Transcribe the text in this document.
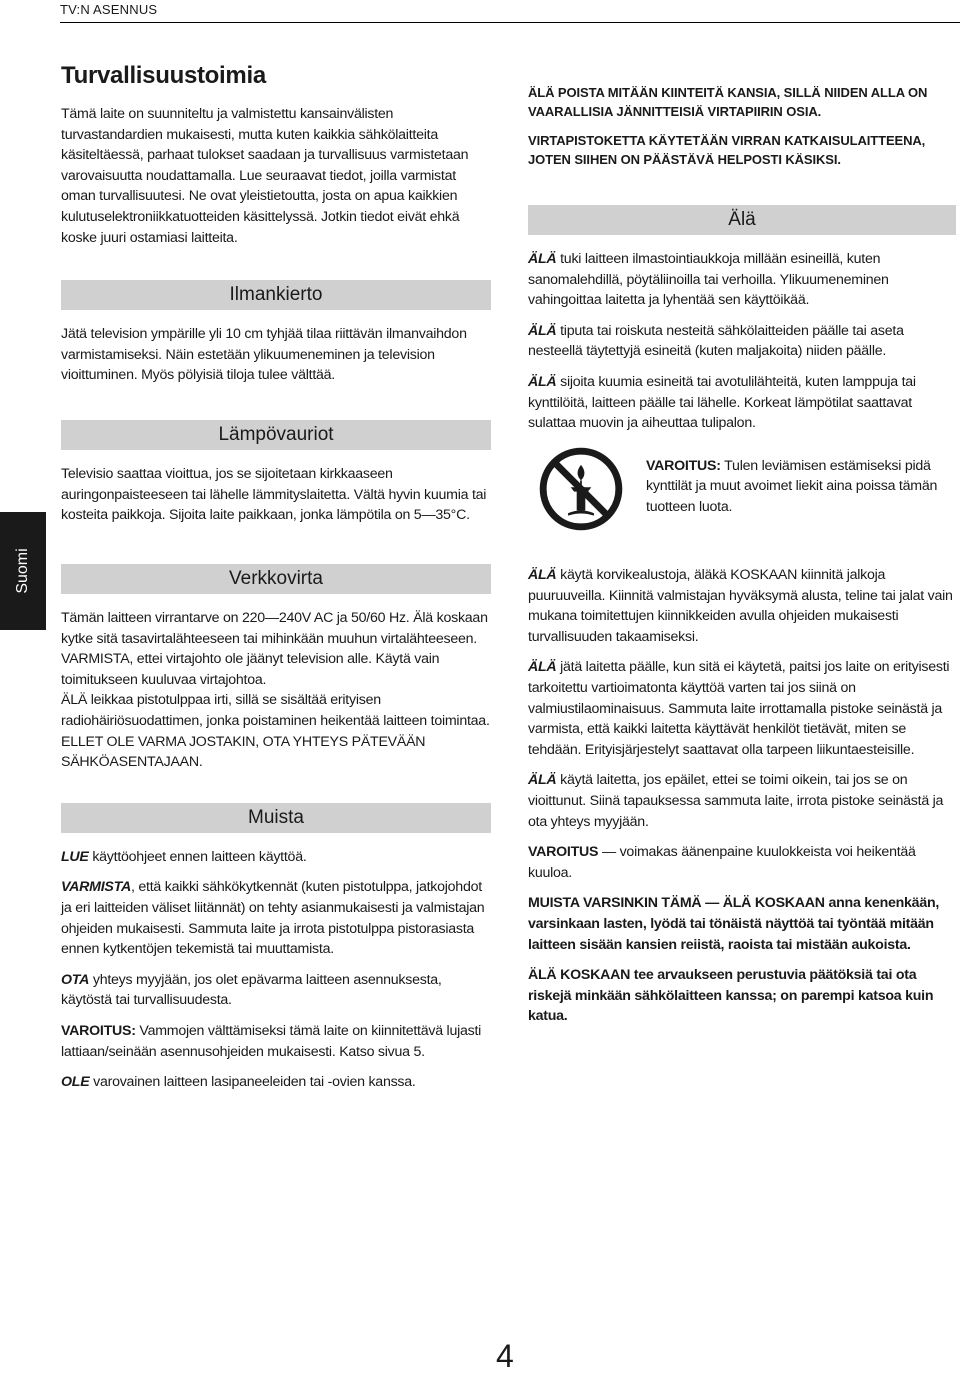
TV:N ASENNUS
Suomi
Turvallisuustoimia

Tämä laite on suunniteltu ja valmistettu kansainvälisten turvastandardien mukaisesti, mutta kuten kaikkia sähkölaitteita käsiteltäessä, parhaat tulokset saadaan ja turvallisuus varmistetaan varovaisuutta noudattamalla. Lue seuraavat tiedot, joilla varmistat oman turvallisuutesi. Ne ovat yleistietoutta, josta on apua kaikkien kulutuselektroniikkatuotteiden käsittelyssä. Jotkin tiedot eivät ehkä koske juuri ostamiasi laitteita.

Ilmankierto

Jätä television ympärille yli 10 cm tyhjää tilaa riittävän ilmanvaihdon varmistamiseksi. Näin estetään ylikuumeneminen ja television vioittuminen. Myös pölyisiä tiloja tulee välttää.

Lämpövauriot

Televisio saattaa vioittua, jos se sijoitetaan kirkkaaseen auringonpaisteeseen tai lähelle lämmityslaitetta. Vältä hyvin kuumia tai kosteita paikkoja. Sijoita laite paikkaan, jonka lämpötila on 5—35°C.

Verkkovirta

Tämän laitteen virrantarve on 220—240V AC ja 50/60 Hz. Älä koskaan kytke sitä tasavirtalähteeseen tai mihinkään muuhun virtalähteeseen. VARMISTA, ettei virtajohto ole jäänyt television alle. Käytä vain toimitukseen kuuluvaa virtajohtoa.

ÄLÄ leikkaa pistotulppaa irti, sillä se sisältää erityisen radiohäiriösuodattimen, jonka poistaminen heikentää laitteen toimintaa.

ELLET OLE VARMA JOSTAKIN, OTA YHTEYS PÄTEVÄÄN SÄHKÖASENTAJAAN.

Muista

LUE käyttöohjeet ennen laitteen käyttöä.

VARMISTA, että kaikki sähkökytkennät (kuten pistotulppa, jatkojohdot ja eri laitteiden väliset liitännät) on tehty asianmukaisesti ja valmistajan ohjeiden mukaisesti. Sammuta laite ja irrota pistotulppa pistorasiasta ennen kytkentöjen tekemistä tai muuttamista.

OTA yhteys myyjään, jos olet epävarma laitteen asennuksesta, käytöstä tai turvallisuudesta.

VAROITUS: Vammojen välttämiseksi tämä laite on kiinnitettävä lujasti lattiaan/seinään asennusohjeiden mukaisesti. Katso sivua 5.

OLE varovainen laitteen lasipaneeleiden tai -ovien kanssa.

ÄLÄ POISTA MITÄÄN KIINTEITÄ KANSIA, SILLÄ NIIDEN ALLA ON VAARALLISIA JÄNNITTEISIÄ VIRTAPIIRIN OSIA.

VIRTAPISTOKETTA KÄYTETÄÄN VIRRAN KATKAISULAITTEENA, JOTEN SIIHEN ON PÄÄSTÄVÄ HELPOSTI KÄSIKSI.

Älä

ÄLÄ tuki laitteen ilmastointiaukkoja millään esineillä, kuten sanomalehdillä, pöytäliinoilla tai verhoilla. Ylikuumeneminen vahingoittaa laitetta ja lyhentää sen käyttöikää.

ÄLÄ tiputa tai roiskuta nesteitä sähkölaitteiden päälle tai aseta nesteellä täytettyjä esineitä (kuten maljakoita) niiden päälle.

ÄLÄ sijoita kuumia esineitä tai avotulilähteitä, kuten lamppuja tai kynttilöitä, laitteen päälle tai lähelle. Korkeat lämpötilat saattavat sulattaa muovin ja aiheuttaa tulipalon.

VAROITUS: Tulen leviämisen estämiseksi pidä kynttilät ja muut avoimet liekit aina poissa tämän tuotteen luota.

ÄLÄ käytä korvikealustoja, äläkä KOSKAAN kiinnitä jalkoja puuruuveilla. Kiinnitä valmistajan hyväksymä alusta, teline tai jalat vain mukana toimitettujen kiinnikkeiden avulla ohjeiden mukaisesti turvallisuuden takaamiseksi.

ÄLÄ jätä laitetta päälle, kun sitä ei käytetä, paitsi jos laite on erityisesti tarkoitettu vartioimatonta käyttöä varten tai jos siinä on valmiustilaominaisuus. Sammuta laite irrottamalla pistoke seinästä ja varmista, että kaikki laitetta käyttävät henkilöt tietävät, miten se tehdään. Erityisjärjestelyt saattavat olla tarpeen liikuntaesteisille.

ÄLÄ käytä laitetta, jos epäilet, ettei se toimi oikein, tai jos se on vioittunut. Siinä tapauksessa sammuta laite, irrota pistoke seinästä ja ota yhteys myyjään.

VAROITUS — voimakas äänenpaine kuulokkeista voi heikentää kuuloa.

MUISTA VARSINKIN TÄMÄ — ÄLÄ KOSKAAN anna kenenkään, varsinkaan lasten, lyödä tai tönäistä näyttöä tai työntää mitään laitteen sisään kansien reiistä, raoista tai mistään aukoista.

ÄLÄ KOSKAAN tee arvaukseen perustuvia päätöksiä tai ota riskejä minkään sähkölaitteen kanssa; on parempi katsoa kuin katua.

4
